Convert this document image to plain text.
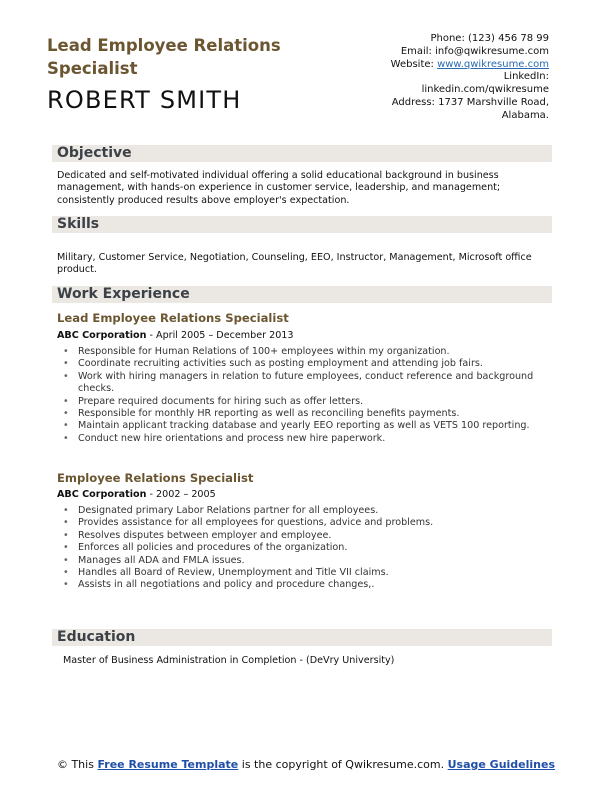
Lead Employee Relations Specialist
ROBERT SMITH
Phone: (123) 456 78 99
Email: info@qwikresume.com
Website: www.qwikresume.com
LinkedIn:
linkedin.com/qwikresume
Address: 1737 Marshville Road, Alabama.
Objective
Dedicated and self-motivated individual offering a solid educational background in business management, with hands-on experience in customer service, leadership, and management; consistently produced results above employer's expectation.
Skills
Military, Customer Service, Negotiation, Counseling, EEO, Instructor, Management, Microsoft office product.
Work Experience
Lead Employee Relations Specialist
ABC Corporation - April 2005 – December 2013
• Responsible for Human Relations of 100+ employees within my organization.
• Coordinate recruiting activities such as posting employment and attending job fairs.
• Work with hiring managers in relation to future employees, conduct reference and background checks.
• Prepare required documents for hiring such as offer letters.
• Responsible for monthly HR reporting as well as reconciling benefits payments.
• Maintain applicant tracking database and yearly EEO reporting as well as VETS 100 reporting.
• Conduct new hire orientations and process new hire paperwork.
Employee Relations Specialist
ABC Corporation - 2002 – 2005
• Designated primary Labor Relations partner for all employees.
• Provides assistance for all employees for questions, advice and problems.
• Resolves disputes between employer and employee.
• Enforces all policies and procedures of the organization.
• Manages all ADA and FMLA issues.
• Handles all Board of Review, Unemployment and Title VII claims.
• Assists in all negotiations and policy and procedure changes,.
Education
Master of Business Administration in Completion - (DeVry University)
© This Free Resume Template is the copyright of Qwikresume.com. Usage Guidelines
